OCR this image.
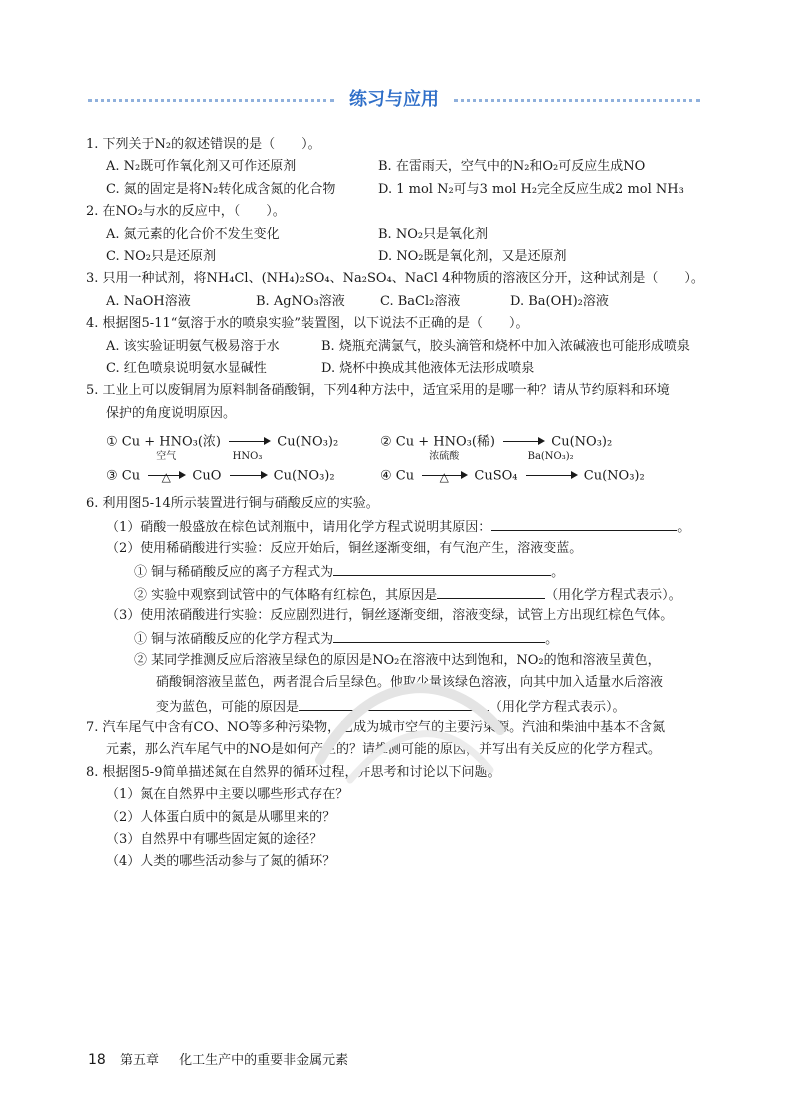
练习与应用
1. 下列关于N₂的叙述错误的是（　　）。
A. N₂既可作氧化剂又可作还原剂	B. 在雷雨天，空气中的N₂和O₂可反应生成NO
C. 氮的固定是将N₂转化成含氮的化合物	D. 1 mol N₂可与3 mol H₂完全反应生成2 mol NH₃
2. 在NO₂与水的反应中，（　　）。
A. 氮元素的化合价不发生变化	B. NO₂只是氧化剂
C. NO₂只是还原剂	D. NO₂既是氧化剂，又是还原剂
3. 只用一种试剂，将NH₄Cl、(NH₄)₂SO₄、Na₂SO₄、NaCl 4种物质的溶液区分开，这种试剂是（　　）。
A. NaOH溶液	B. AgNO₃溶液	C. BaCl₂溶液	D. Ba(OH)₂溶液
4. 根据图5-11“氨溶于水的喷泉实验”装置图，以下说法不正确的是（　　）。
A. 该实验证明氨气极易溶于水	B. 烧瓶充满氯气，胶头滴管和烧杯中加入浓碱液也可能形成喷泉
C. 红色喷泉说明氨水显碱性	D. 烧杯中换成其他液体无法形成喷泉
5. 工业上可以废铜屑为原料制备硝酸铜，下列4种方法中，适宜采用的是哪一种？请从节约原料和环境
保护的角度说明原因。
① Cu + HNO₃(浓) → Cu(NO₃)₂	② Cu + HNO₃(稀) → Cu(NO₃)₂
③ Cu
空气
△	CuO
HNO₃
Cu(NO₃)₂	④ Cu
浓硫酸
△	CuSO₄
Ba(NO₃)₂
Cu(NO₃)₂
6. 利用图5-14所示装置进行铜与硝酸反应的实验。
（1）硝酸一般盛放在棕色试剂瓶中，请用化学方程式说明其原因：	。
（2）使用稀硝酸进行实验：反应开始后，铜丝逐渐变细，有气泡产生，溶液变蓝。
① 铜与稀硝酸反应的离子方程式为	。
② 实验中观察到试管中的气体略有红棕色，其原因是	（用化学方程式表示）。
（3）使用浓硝酸进行实验：反应剧烈进行，铜丝逐渐变细，溶液变绿，试管上方出现红棕色气体。
① 铜与浓硝酸反应的化学方程式为	。
② 某同学推测反应后溶液呈绿色的原因是NO₂在溶液中达到饱和，NO₂的饱和溶液呈黄色，
硝酸铜溶液呈蓝色，两者混合后呈绿色。他取少量该绿色溶液，向其中加入适量水后溶液
变为蓝色，可能的原因是	（用化学方程式表示）。
7. 汽车尾气中含有CO、NO等多种污染物，已成为城市空气的主要污染源。汽油和柴油中基本不含氮
元素，那么汽车尾气中的NO是如何产生的？请推测可能的原因，并写出有关反应的化学方程式。
8. 根据图5-9简单描述氮在自然界的循环过程，并思考和讨论以下问题。
（1）氮在自然界中主要以哪些形式存在？
（2）人体蛋白质中的氮是从哪里来的？
（3）自然界中有哪些固定氮的途径？
（4）人类的哪些活动参与了氮的循环？
18 第五章 化工生产中的重要非金属元素
